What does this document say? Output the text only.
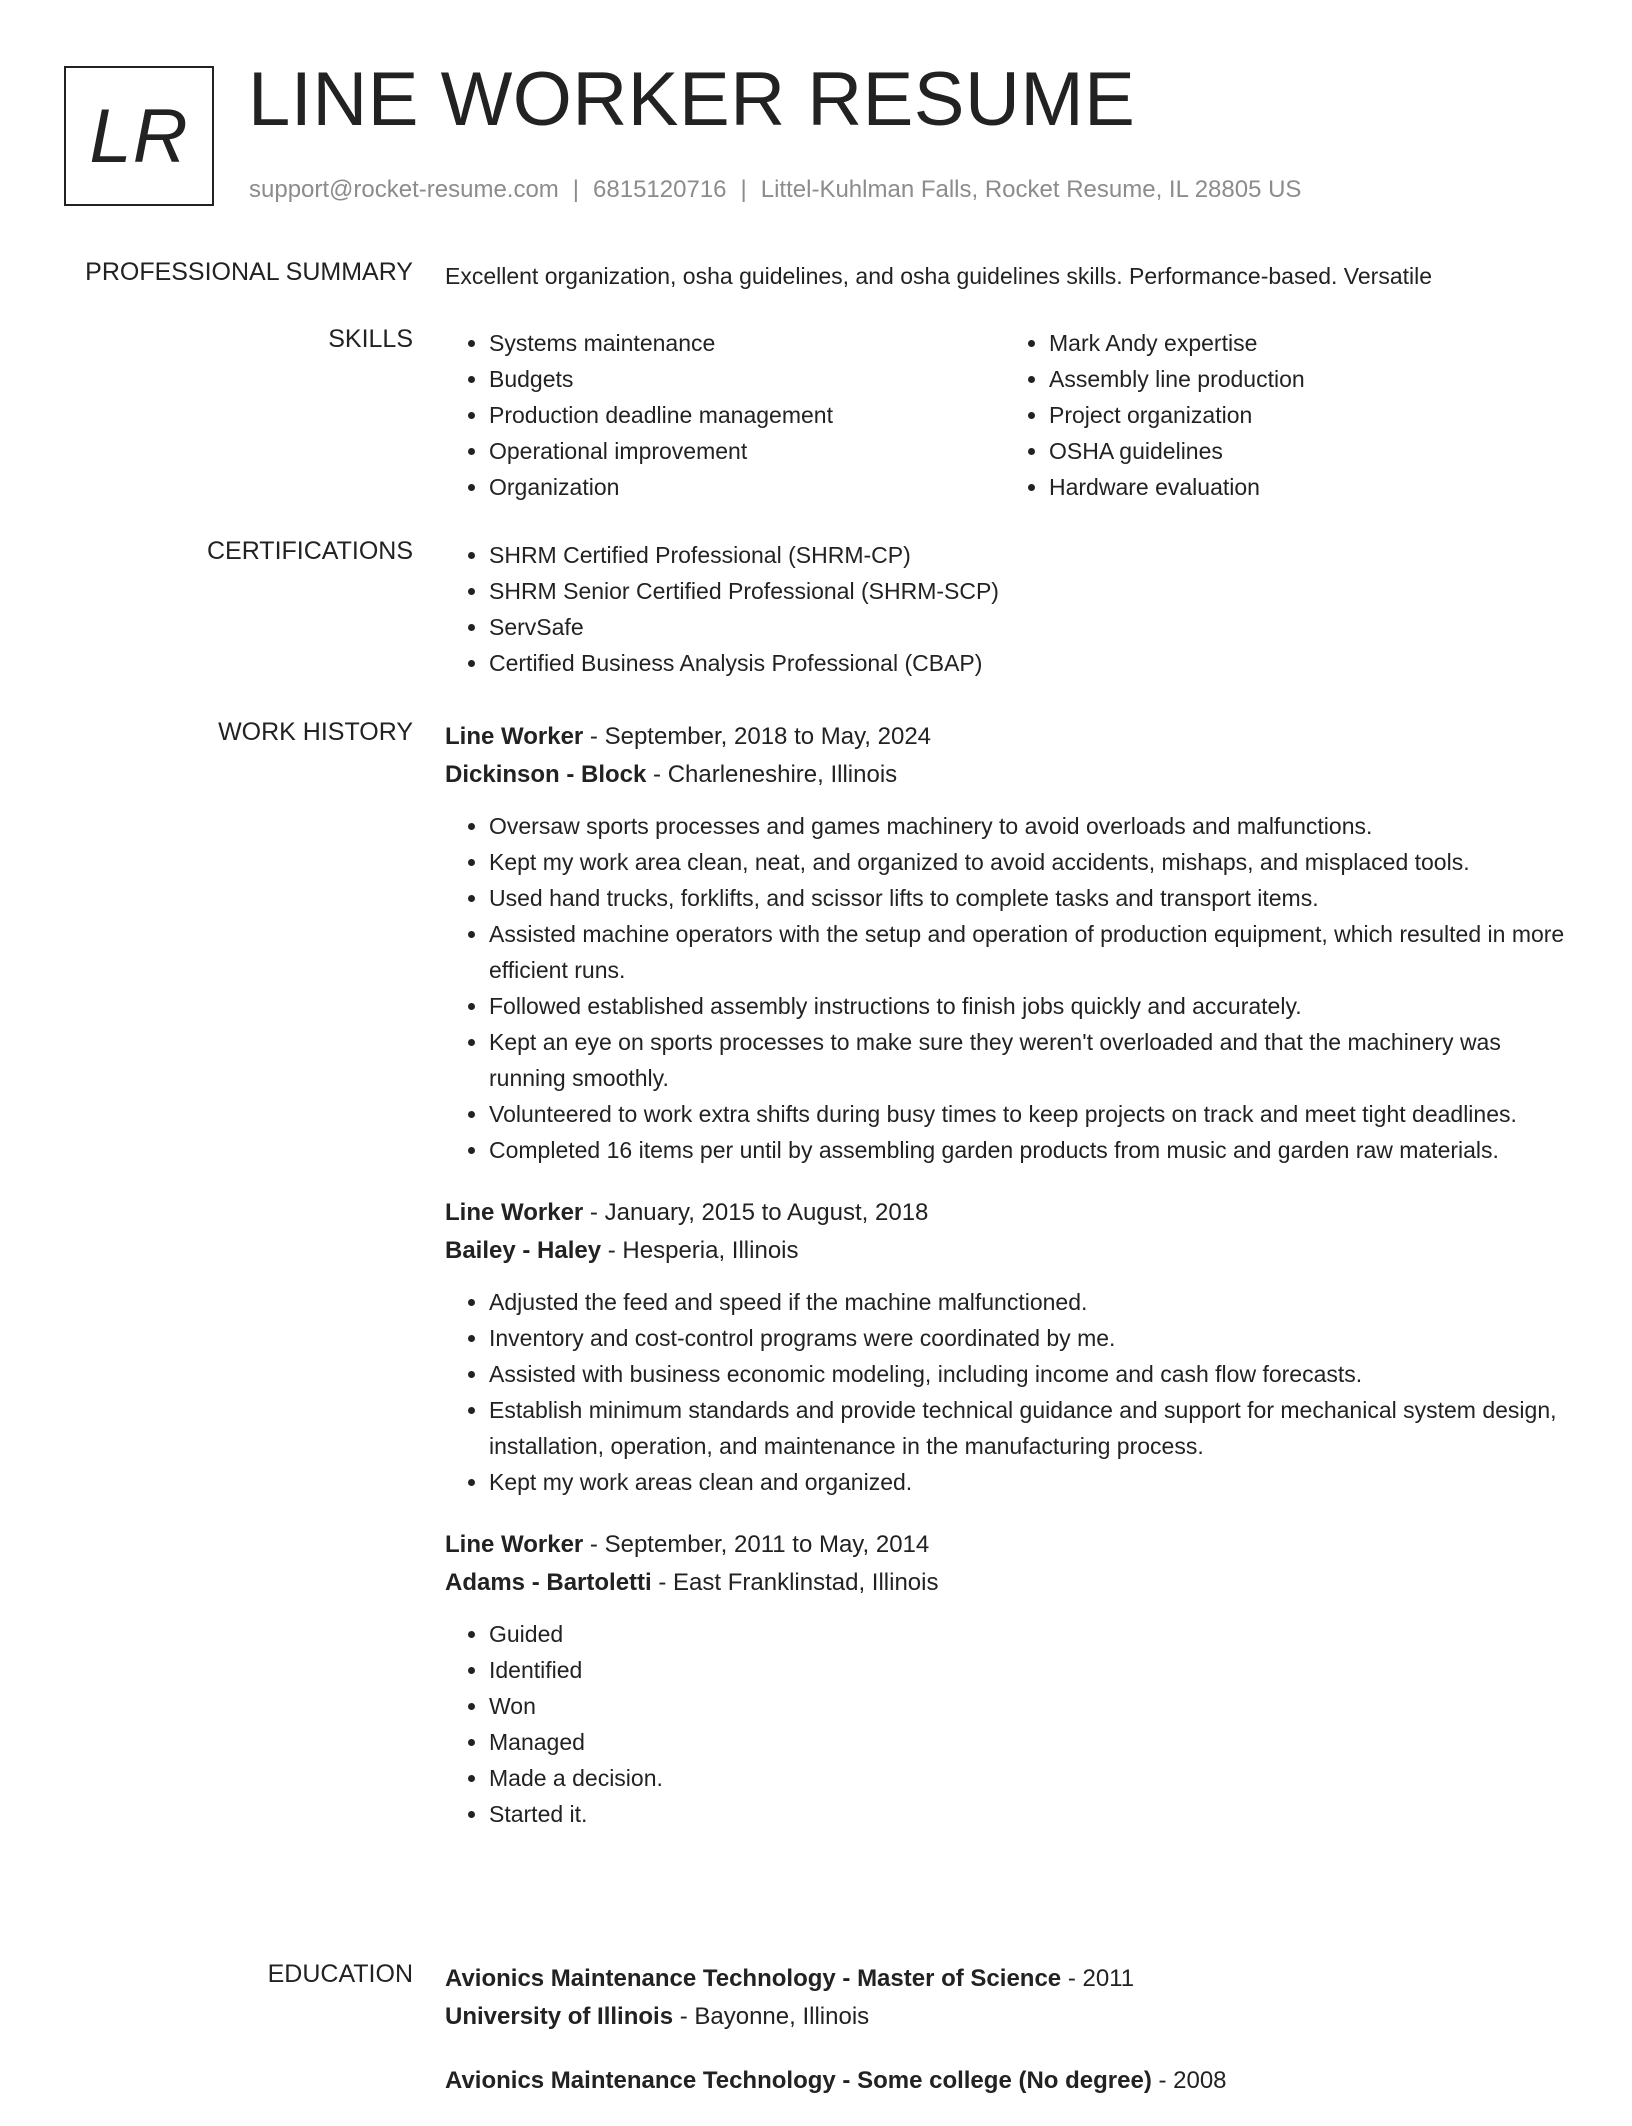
LR LINE WORKER RESUME
support@rocket-resume.com | 6815120716 | Littel-Kuhlman Falls, Rocket Resume, IL 28805 US
PROFESSIONAL SUMMARY Excellent organization, osha guidelines, and osha guidelines skills. Performance-based. Versatile
SKILLS	• Systems maintenance
• Budgets
• Production deadline management
• Operational improvement
• Organization
• Mark Andy expertise
• Assembly line production
• Project organization
• OSHA guidelines
• Hardware evaluation
CERTIFICATIONS	• SHRM Certified Professional (SHRM-CP)
• SHRM Senior Certified Professional (SHRM-SCP)
• ServSafe
• Certified Business Analysis Professional (CBAP)
WORK HISTORY Line Worker - September, 2018 to May, 2024
Dickinson - Block - Charleneshire, Illinois
• Oversaw sports processes and games machinery to avoid overloads and malfunctions.
• Kept my work area clean, neat, and organized to avoid accidents, mishaps, and misplaced tools.
• Used hand trucks, forklifts, and scissor lifts to complete tasks and transport items.
• Assisted machine operators with the setup and operation of production equipment, which resulted in more efficient runs.
• Followed established assembly instructions to finish jobs quickly and accurately.
• Kept an eye on sports processes to make sure they weren't overloaded and that the machinery was running smoothly.
• Volunteered to work extra shifts during busy times to keep projects on track and meet tight deadlines.
• Completed 16 items per until by assembling garden products from music and garden raw materials.
Line Worker - January, 2015 to August, 2018
Bailey - Haley - Hesperia, Illinois
• Adjusted the feed and speed if the machine malfunctioned.
• Inventory and cost-control programs were coordinated by me.
• Assisted with business economic modeling, including income and cash flow forecasts.
• Establish minimum standards and provide technical guidance and support for mechanical system design, installation, operation, and maintenance in the manufacturing process.
• Kept my work areas clean and organized.
Line Worker - September, 2011 to May, 2014
Adams - Bartoletti - East Franklinstad, Illinois
• Guided
• Identified
• Won
• Managed
• Made a decision.
• Started it.
EDUCATION Avionics Maintenance Technology - Master of Science - 2011
University of Illinois - Bayonne, Illinois
Avionics Maintenance Technology - Some college (No degree) - 2008
